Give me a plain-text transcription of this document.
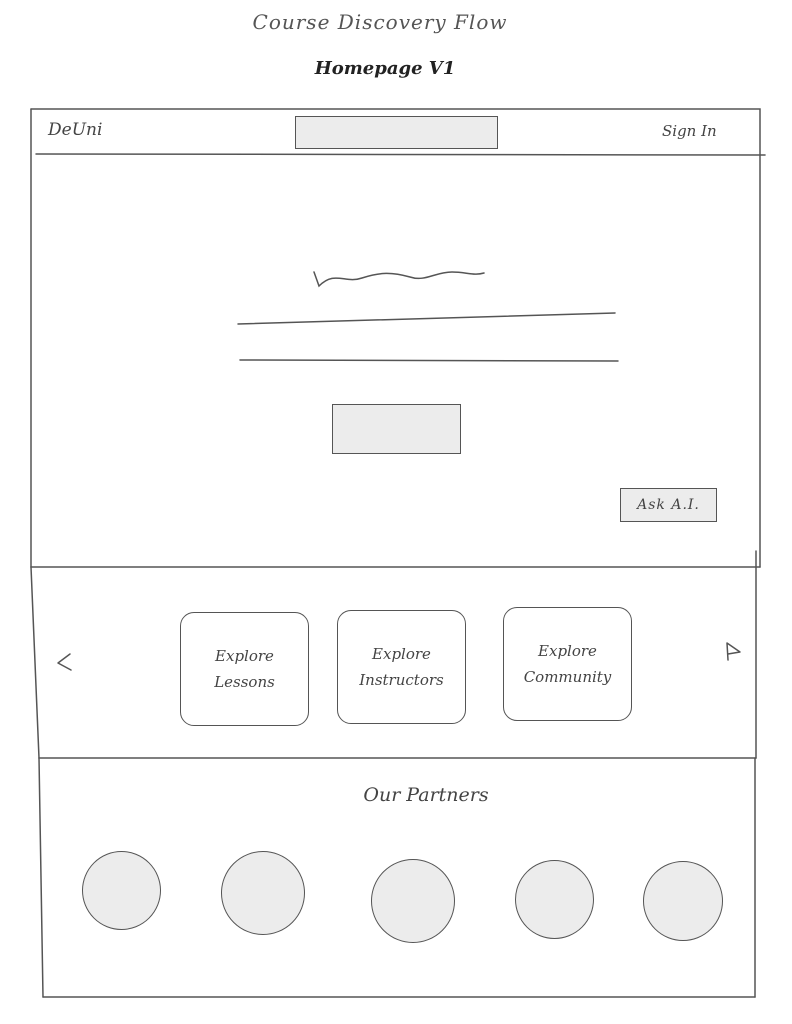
Course Discovery Flow
Homepage V1
DeUni	Sign In
Ask A.I.
Explore
Lessons
Explore
Instructors
Explore
Community
Our Partners
